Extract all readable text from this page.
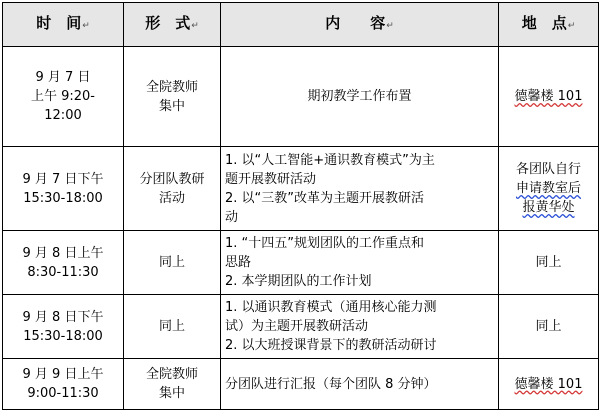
时　间↵	形　式↵	内　　容↵	地　点↵

9 月 7 日
上午 9:20-
12:00	全院教师
集中	期初教学工作布置	德馨楼 101

9 月 7 日下午
15:30-18:00	分团队教研
活动	1. 以“人工智能+通识教育模式”为主
题开展教研活动
2. 以“三教”改革为主题开展教研活
动	各团队自行
申请教室后
报黄华处

9 月 8 日上午
8:30-11:30	同上	1. “十四五”规划团队的工作重点和
思路
2. 本学期团队的工作计划	同上

9 月 8 日下午
15:30-18:00	同上	1. 以通识教育模式（通用核心能力测
试）为主题开展教研活动
2. 以大班授课背景下的教研活动研讨	同上

9 月 9 日上午
9:00-11:30	全院教师
集中	分团队进行汇报（每个团队 8 分钟）	德馨楼 101
